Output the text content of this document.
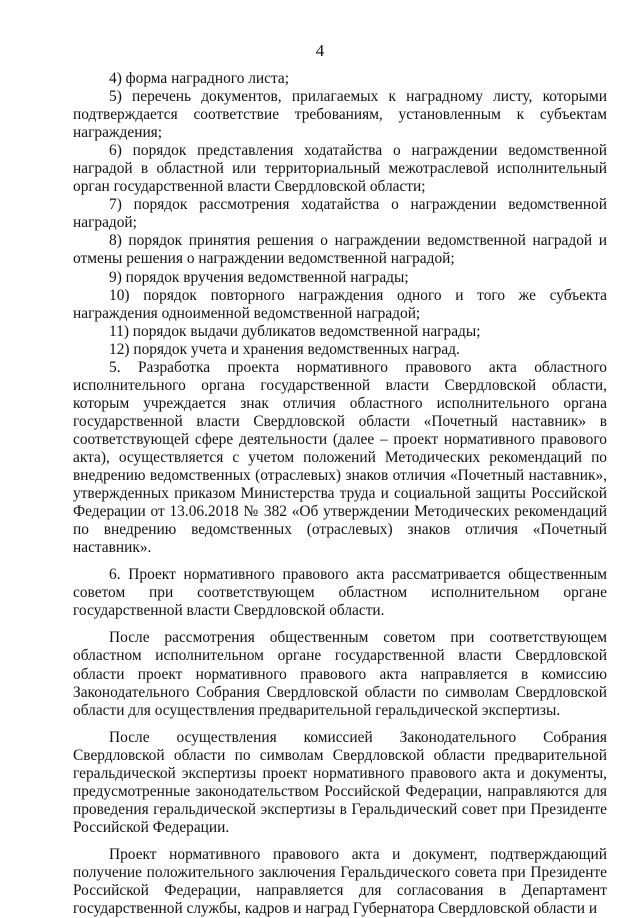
4

4) форма наградного листа;

5) перечень документов, прилагаемых к наградному листу, которыми подтверждается соответствие требованиям, установленным к субъектам награждения;

6) порядок представления ходатайства о награждении ведомственной наградой в областной или территориальный межотраслевой исполнительный орган государственной власти Свердловской области;

7) порядок рассмотрения ходатайства о награждении ведомственной наградой;

8) порядок принятия решения о награждении ведомственной наградой и отмены решения о награждении ведомственной наградой;

9) порядок вручения ведомственной награды;

10) порядок повторного награждения одного и того же субъекта награждения одноименной ведомственной наградой;

11) порядок выдачи дубликатов ведомственной награды;

12) порядок учета и хранения ведомственных наград.

5. Разработка проекта нормативного правового акта областного исполнительного органа государственной власти Свердловской области, которым учреждается знак отличия областного исполнительного органа государственной власти Свердловской области «Почетный наставник» в соответствующей сфере деятельности (далее – проект нормативного правового акта), осуществляется с учетом положений Методических рекомендаций по внедрению ведомственных (отраслевых) знаков отличия «Почетный наставник», утвержденных приказом Министерства труда и социальной защиты Российской Федерации от 13.06.2018 № 382 «Об утверждении Методических рекомендаций по внедрению ведомственных (отраслевых) знаков отличия «Почетный наставник».

6. Проект нормативного правового акта рассматривается общественным советом при соответствующем областном исполнительном органе государственной власти Свердловской области.

После рассмотрения общественным советом при соответствующем областном исполнительном органе государственной власти Свердловской области проект нормативного правового акта направляется в комиссию Законодательного Собрания Свердловской области по символам Свердловской области для осуществления предварительной геральдической экспертизы.

После осуществления комиссией Законодательного Собрания Свердловской области по символам Свердловской области предварительной геральдической экспертизы проект нормативного правового акта и документы, предусмотренные законодательством Российской Федерации, направляются для проведения геральдической экспертизы в Геральдический совет при Президенте Российской Федерации.

Проект нормативного правового акта и документ, подтверждающий получение положительного заключения Геральдического совета при Президенте Российской Федерации, направляется для согласования в Департамент государственной службы, кадров и наград Губернатора Свердловской области и
